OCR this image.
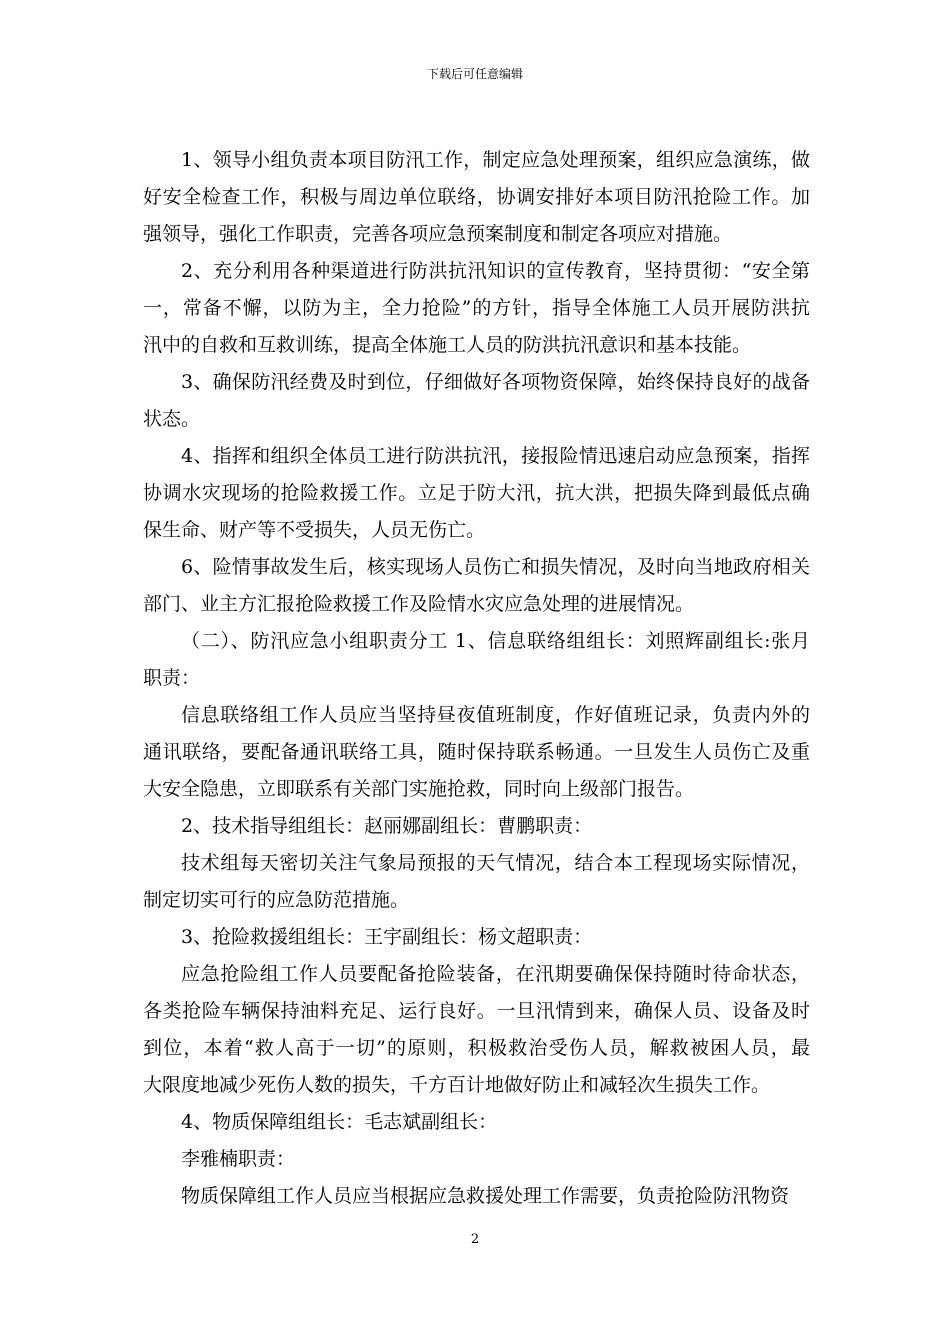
下载后可任意编辑
1、领导小组负责本项目防汛工作，制定应急处理预案，组织应急演练，做
好安全检查工作，积极与周边单位联络，协调安排好本项目防汛抢险工作。加
强领导，强化工作职责，完善各项应急预案制度和制定各项应对措施。
2、充分利用各种渠道进行防洪抗汛知识的宣传教育，坚持贯彻：“安全第
一，常备不懈，以防为主，全力抢险”的方针，指导全体施工人员开展防洪抗
汛中的自救和互救训练，提高全体施工人员的防洪抗汛意识和基本技能。
3、确保防汛经费及时到位，仔细做好各项物资保障，始终保持良好的战备
状态。
4、指挥和组织全体员工进行防洪抗汛，接报险情迅速启动应急预案，指挥
协调水灾现场的抢险救援工作。立足于防大汛，抗大洪，把损失降到最低点确
保生命、财产等不受损失，人员无伤亡。
6、险情事故发生后，核实现场人员伤亡和损失情况，及时向当地政府相关
部门、业主方汇报抢险救援工作及险情水灾应急处理的进展情况。
（二）、防汛应急小组职责分工 1、信息联络组组长：刘照辉副组长:张月
职责：
信息联络组工作人员应当坚持昼夜值班制度，作好值班记录，负责内外的
通讯联络，要配备通讯联络工具，随时保持联系畅通。一旦发生人员伤亡及重
大安全隐患，立即联系有关部门实施抢救，同时向上级部门报告。
2、技术指导组组长：赵丽娜副组长：曹鹏职责：
技术组每天密切关注气象局预报的天气情况，结合本工程现场实际情况，
制定切实可行的应急防范措施。
3、抢险救援组组长：王宇副组长：杨文超职责：
应急抢险组工作人员要配备抢险装备，在汛期要确保保持随时待命状态，
各类抢险车辆保持油料充足、运行良好。一旦汛情到来，确保人员、设备及时
到位，本着“救人高于一切”的原则，积极救治受伤人员，解救被困人员，最
大限度地减少死伤人数的损失，千方百计地做好防止和减轻次生损失工作。
4、物质保障组组长：毛志斌副组长：
李雅楠职责：
物质保障组工作人员应当根据应急救援处理工作需要，负责抢险防汛物资
2
